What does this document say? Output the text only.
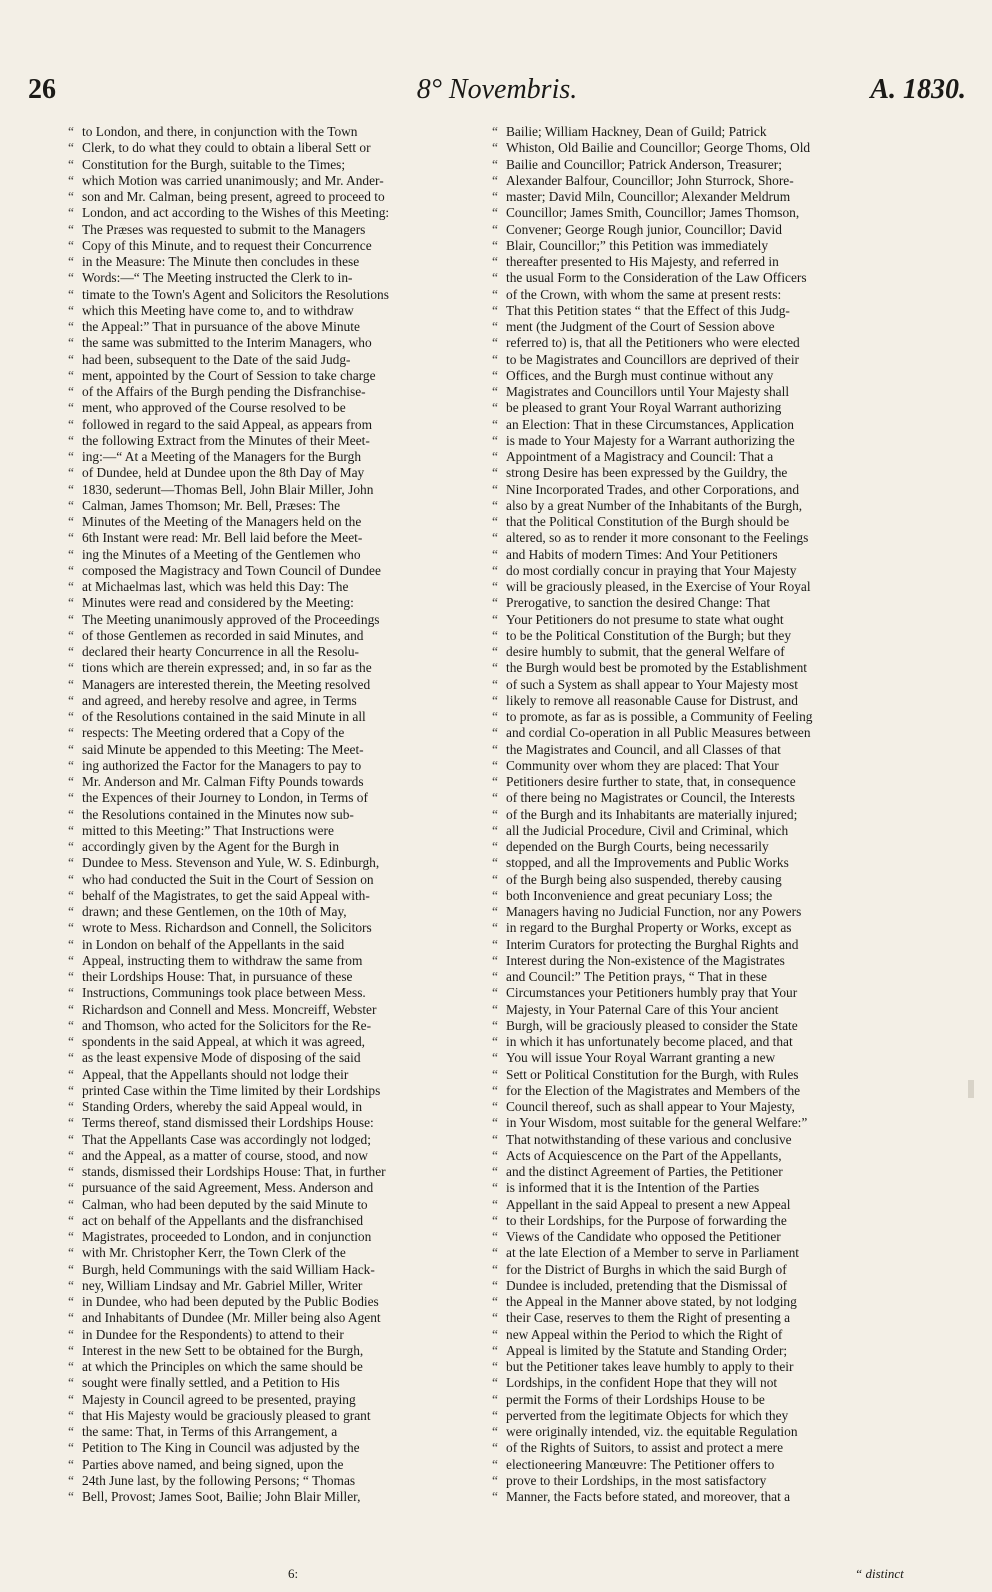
26	8° Novembris.	A. 1830.
“ to London, and there, in conjunction with the Town
“ Clerk, to do what they could to obtain a liberal Sett or
“ Constitution for the Burgh, suitable to the Times;
“ which Motion was carried unanimously; and Mr. Ander-
“ son and Mr. Calman, being present, agreed to proceed to
“ London, and act according to the Wishes of this Meeting:
“ The Præses was requested to submit to the Managers
“ Copy of this Minute, and to request their Concurrence
“ in the Measure: The Minute then concludes in these
“ Words:—“ The Meeting instructed the Clerk to in-
“ timate to the Town's Agent and Solicitors the Resolutions
“ which this Meeting have come to, and to withdraw
“ the Appeal:” That in pursuance of the above Minute
“ the same was submitted to the Interim Managers, who
“ had been, subsequent to the Date of the said Judg-
“ ment, appointed by the Court of Session to take charge
“ of the Affairs of the Burgh pending the Disfranchise-
“ ment, who approved of the Course resolved to be
“ followed in regard to the said Appeal, as appears from
“ the following Extract from the Minutes of their Meet-
“ ing:—“ At a Meeting of the Managers for the Burgh
“ of Dundee, held at Dundee upon the 8th Day of May
“ 1830, sederunt—Thomas Bell, John Blair Miller, John
“ Calman, James Thomson; Mr. Bell, Præses: The
“ Minutes of the Meeting of the Managers held on the
“ 6th Instant were read: Mr. Bell laid before the Meet-
“ ing the Minutes of a Meeting of the Gentlemen who
“ composed the Magistracy and Town Council of Dundee
“ at Michaelmas last, which was held this Day: The
“ Minutes were read and considered by the Meeting:
“ The Meeting unanimously approved of the Proceedings
“ of those Gentlemen as recorded in said Minutes, and
“ declared their hearty Concurrence in all the Resolu-
“ tions which are therein expressed; and, in so far as the
“ Managers are interested therein, the Meeting resolved
“ and agreed, and hereby resolve and agree, in Terms
“ of the Resolutions contained in the said Minute in all
“ respects: The Meeting ordered that a Copy of the
“ said Minute be appended to this Meeting: The Meet-
“ ing authorized the Factor for the Managers to pay to
“ Mr. Anderson and Mr. Calman Fifty Pounds towards
“ the Expences of their Journey to London, in Terms of
“ the Resolutions contained in the Minutes now sub-
“ mitted to this Meeting:” That Instructions were
“ accordingly given by the Agent for the Burgh in
“ Dundee to Mess. Stevenson and Yule, W. S. Edinburgh,
“ who had conducted the Suit in the Court of Session on
“ behalf of the Magistrates, to get the said Appeal with-
“ drawn; and these Gentlemen, on the 10th of May,
“ wrote to Mess. Richardson and Connell, the Solicitors
“ in London on behalf of the Appellants in the said
“ Appeal, instructing them to withdraw the same from
“ their Lordships House: That, in pursuance of these
“ Instructions, Communings took place between Mess.
“ Richardson and Connell and Mess. Moncreiff, Webster
“ and Thomson, who acted for the Solicitors for the Re-
“ spondents in the said Appeal, at which it was agreed,
“ as the least expensive Mode of disposing of the said
“ Appeal, that the Appellants should not lodge their
“ printed Case within the Time limited by their Lordships
“ Standing Orders, whereby the said Appeal would, in
“ Terms thereof, stand dismissed their Lordships House:
“ That the Appellants Case was accordingly not lodged;
“ and the Appeal, as a matter of course, stood, and now
“ stands, dismissed their Lordships House: That, in further
“ pursuance of the said Agreement, Mess. Anderson and
“ Calman, who had been deputed by the said Minute to
“ act on behalf of the Appellants and the disfranchised
“ Magistrates, proceeded to London, and in conjunction
“ with Mr. Christopher Kerr, the Town Clerk of the
“ Burgh, held Communings with the said William Hack-
“ ney, William Lindsay and Mr. Gabriel Miller, Writer
“ in Dundee, who had been deputed by the Public Bodies
“ and Inhabitants of Dundee (Mr. Miller being also Agent
“ in Dundee for the Respondents) to attend to their
“ Interest in the new Sett to be obtained for the Burgh,
“ at which the Principles on which the same should be
“ sought were finally settled, and a Petition to His
“ Majesty in Council agreed to be presented, praying
“ that His Majesty would be graciously pleased to grant
“ the same: That, in Terms of this Arrangement, a
“ Petition to The King in Council was adjusted by the
“ Parties above named, and being signed, upon the
“ 24th June last, by the following Persons; “ Thomas
“ Bell, Provost; James Soot, Bailie; John Blair Miller,
“ Bailie; William Hackney, Dean of Guild; Patrick
“ Whiston, Old Bailie and Councillor; George Thoms, Old
“ Bailie and Councillor; Patrick Anderson, Treasurer;
“ Alexander Balfour, Councillor; John Sturrock, Shore-
“ master; David Miln, Councillor; Alexander Meldrum
“ Councillor; James Smith, Councillor; James Thomson,
“ Convener; George Rough junior, Councillor; David
“ Blair, Councillor;” this Petition was immediately
“ thereafter presented to His Majesty, and referred in
“ the usual Form to the Consideration of the Law Officers
“ of the Crown, with whom the same at present rests:
“ That this Petition states “ that the Effect of this Judg-
“ ment (the Judgment of the Court of Session above
“ referred to) is, that all the Petitioners who were elected
“ to be Magistrates and Councillors are deprived of their
“ Offices, and the Burgh must continue without any
“ Magistrates and Councillors until Your Majesty shall
“ be pleased to grant Your Royal Warrant authorizing
“ an Election: That in these Circumstances, Application
“ is made to Your Majesty for a Warrant authorizing the
“ Appointment of a Magistracy and Council: That a
“ strong Desire has been expressed by the Guildry, the
“ Nine Incorporated Trades, and other Corporations, and
“ also by a great Number of the Inhabitants of the Burgh,
“ that the Political Constitution of the Burgh should be
“ altered, so as to render it more consonant to the Feelings
“ and Habits of modern Times: And Your Petitioners
“ do most cordially concur in praying that Your Majesty
“ will be graciously pleased, in the Exercise of Your Royal
“ Prerogative, to sanction the desired Change: That
“ Your Petitioners do not presume to state what ought
“ to be the Political Constitution of the Burgh; but they
“ desire humbly to submit, that the general Welfare of
“ the Burgh would best be promoted by the Establishment
“ of such a System as shall appear to Your Majesty most
“ likely to remove all reasonable Cause for Distrust, and
“ to promote, as far as is possible, a Community of Feeling
“ and cordial Co-operation in all Public Measures between
“ the Magistrates and Council, and all Classes of that
“ Community over whom they are placed: That Your
“ Petitioners desire further to state, that, in consequence
“ of there being no Magistrates or Council, the Interests
“ of the Burgh and its Inhabitants are materially injured;
“ all the Judicial Procedure, Civil and Criminal, which
“ depended on the Burgh Courts, being necessarily
“ stopped, and all the Improvements and Public Works
“ of the Burgh being also suspended, thereby causing
“ both Inconvenience and great pecuniary Loss; the
“ Managers having no Judicial Function, nor any Powers
“ in regard to the Burghal Property or Works, except as
“ Interim Curators for protecting the Burghal Rights and
“ Interest during the Non-existence of the Magistrates
“ and Council:” The Petition prays, “ That in these
“ Circumstances your Petitioners humbly pray that Your
“ Majesty, in Your Paternal Care of this Your ancient
“ Burgh, will be graciously pleased to consider the State
“ in which it has unfortunately become placed, and that
“ You will issue Your Royal Warrant granting a new
“ Sett or Political Constitution for the Burgh, with Rules
“ for the Election of the Magistrates and Members of the
“ Council thereof, such as shall appear to Your Majesty,
“ in Your Wisdom, most suitable for the general Welfare:”
“ That notwithstanding of these various and conclusive
“ Acts of Acquiescence on the Part of the Appellants,
“ and the distinct Agreement of Parties, the Petitioner
“ is informed that it is the Intention of the Parties
“ Appellant in the said Appeal to present a new Appeal
“ to their Lordships, for the Purpose of forwarding the
“ Views of the Candidate who opposed the Petitioner
“ at the late Election of a Member to serve in Parliament
“ for the District of Burghs in which the said Burgh of
“ Dundee is included, pretending that the Dismissal of
“ the Appeal in the Manner above stated, by not lodging
“ their Case, reserves to them the Right of presenting a
“ new Appeal within the Period to which the Right of
“ Appeal is limited by the Statute and Standing Order;
“ but the Petitioner takes leave humbly to apply to their
“ Lordships, in the confident Hope that they will not
“ permit the Forms of their Lordships House to be
“ perverted from the legitimate Objects for which they
“ were originally intended, viz. the equitable Regulation
“ of the Rights of Suitors, to assist and protect a mere
“ electioneering Manœuvre: The Petitioner offers to
“ prove to their Lordships, in the most satisfactory
“ Manner, the Facts before stated, and moreover, that a
6:	“ distinct
